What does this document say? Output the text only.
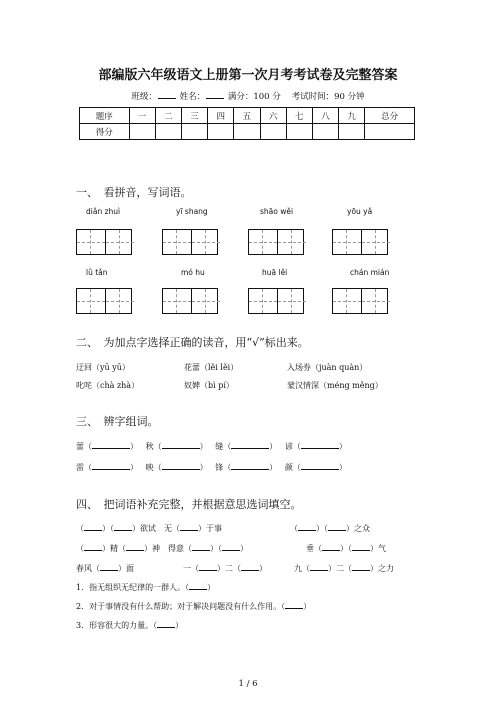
部编版六年级语文上册第一次月考考试卷及完整答案
班级：	姓名：	满分：100 分 考试时间：90 分钟
题序	一	二	三	四	五	六	七	八	九	总分
得分										
一、　看拼音，写词语。
diǎn zhuì	yī shang	shāo wěi	yōu yǎ
lǜ tǎn	mó hu	huā lěi	chán mián
二、　为加点字选择正确的读音，用“√”标出来。
迂回（yū yū）	花蕾（lěi lěi）	入场券（juàn quàn）
叱咤（chà zhà）	奴婢（bì pí）	蒙汉情深（méng měng）
三、　辨字组词。
蕾（	） 秋（	） 缝（	） 谚（	）
雷（	） 映（	） 锋（	） 颜（	）
四、　把词语补充完整，并根据意思选词填空。
（ ）（ ）欲试　无（ ）于事	（ ）（ ）之众
（ ）精（ ）神　得意（ ）（ ）	垂（ ）（ ）气
春风（ ）面	一（ ）二（ ）	九（ ）二（ ）之力
1．指无组织无纪律的一群人。（ ）
2．对于事情没有什么帮助；对于解决问题没有什么作用。（ ）
3．形容很大的力量。（ ）
1 / 6
